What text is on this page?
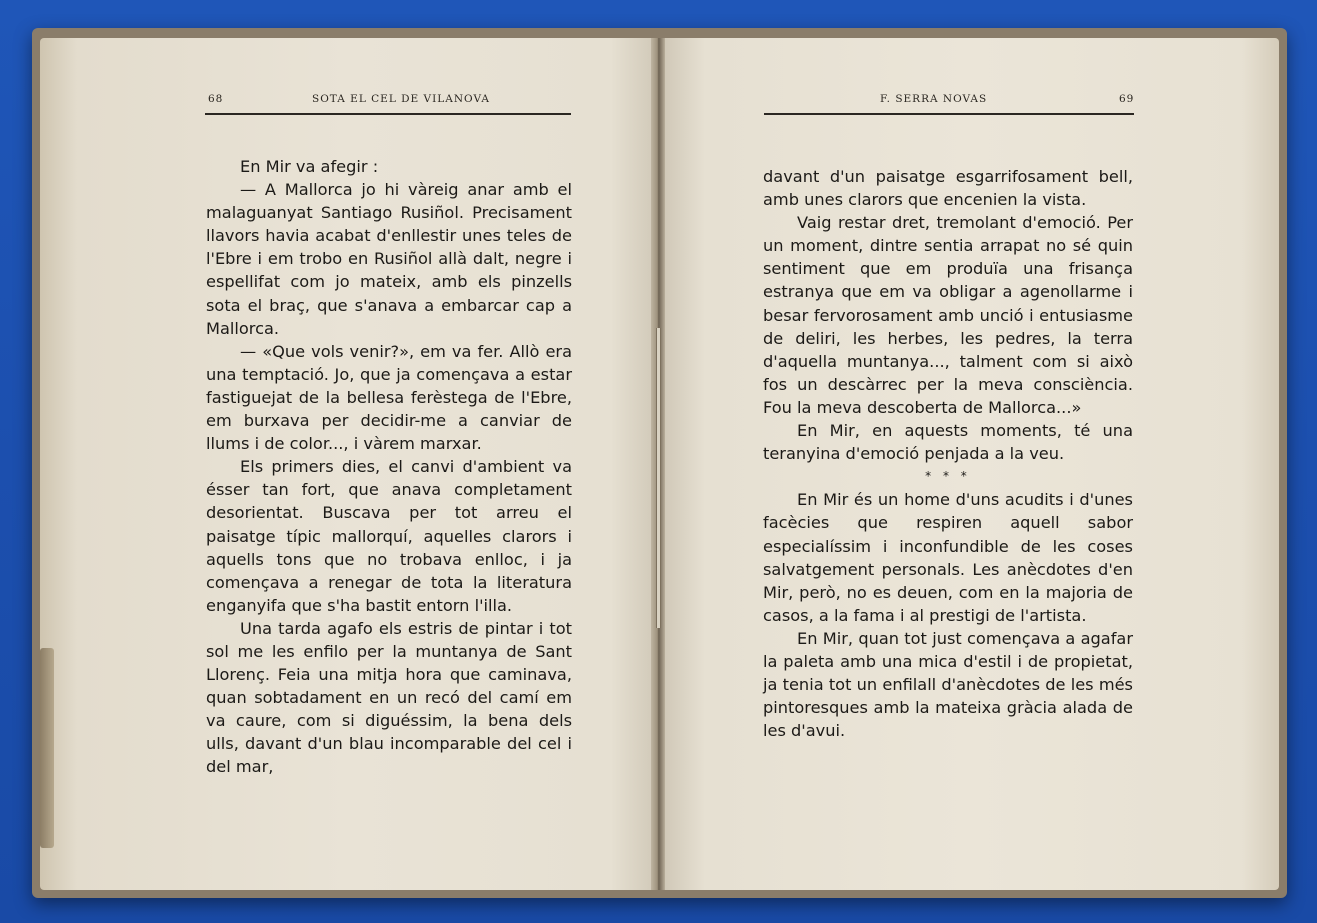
68	SOTA EL CEL DE VILANOVA	F. SERRA NOVAS	69

En Mir va afegir :

— A Mallorca jo hi vàreig anar amb el malaguanyat Santiago Rusiñol. Precisament llavors havia acabat d'enllestir unes teles de l'Ebre i em trobo en Rusiñol allà dalt, negre i espellifat com jo mateix, amb els pinzells sota el braç, que s'anava a embarcar cap a Mallorca.

— «Que vols venir?», em va fer. Allò era una temptació. Jo, que ja començava a estar fastiguejat de la bellesa ferèstega de l'Ebre, em burxava per decidir-me a canviar de llums i de color..., i vàrem marxar.

Els primers dies, el canvi d'ambient va ésser tan fort, que anava completament desorientat. Buscava per tot arreu el paisatge típic mallorquí, aquelles clarors i aquells tons que no trobava enlloc, i ja començava a renegar de tota la literatura enganyifa que s'ha bastit entorn l'illa.

Una tarda agafo els estris de pintar i tot sol me les enfilo per la muntanya de Sant Llorenç. Feia una mitja hora que caminava, quan sobtadament en un recó del camí em va caure, com si diguéssim, la bena dels ulls, davant d'un blau incomparable del cel i del mar,

davant d'un paisatge esgarrifosament bell, amb unes clarors que encenien la vista.

Vaig restar dret, tremolant d'emoció. Per un moment, dintre sentia arrapat no sé quin sentiment que em produïa una frisança estranya que em va obligar a agenollarme i besar fervorosament amb unció i entusiasme de deliri, les herbes, les pedres, la terra d'aquella muntanya..., talment com si això fos un descàrrec per la meva consciència. Fou la meva descoberta de Mallorca...»

En Mir, en aquests moments, té una teranyina d'emoció penjada a la veu.

* * *

En Mir és un home d'uns acudits i d'unes facècies que respiren aquell sabor especialíssim i inconfundible de les coses salvatgement personals. Les anècdotes d'en Mir, però, no es deuen, com en la majoria de casos, a la fama i al prestigi de l'artista.

En Mir, quan tot just començava a agafar la paleta amb una mica d'estil i de propietat, ja tenia tot un enfilall d'anècdotes de les més pintoresques amb la mateixa gràcia alada de les d'avui.
